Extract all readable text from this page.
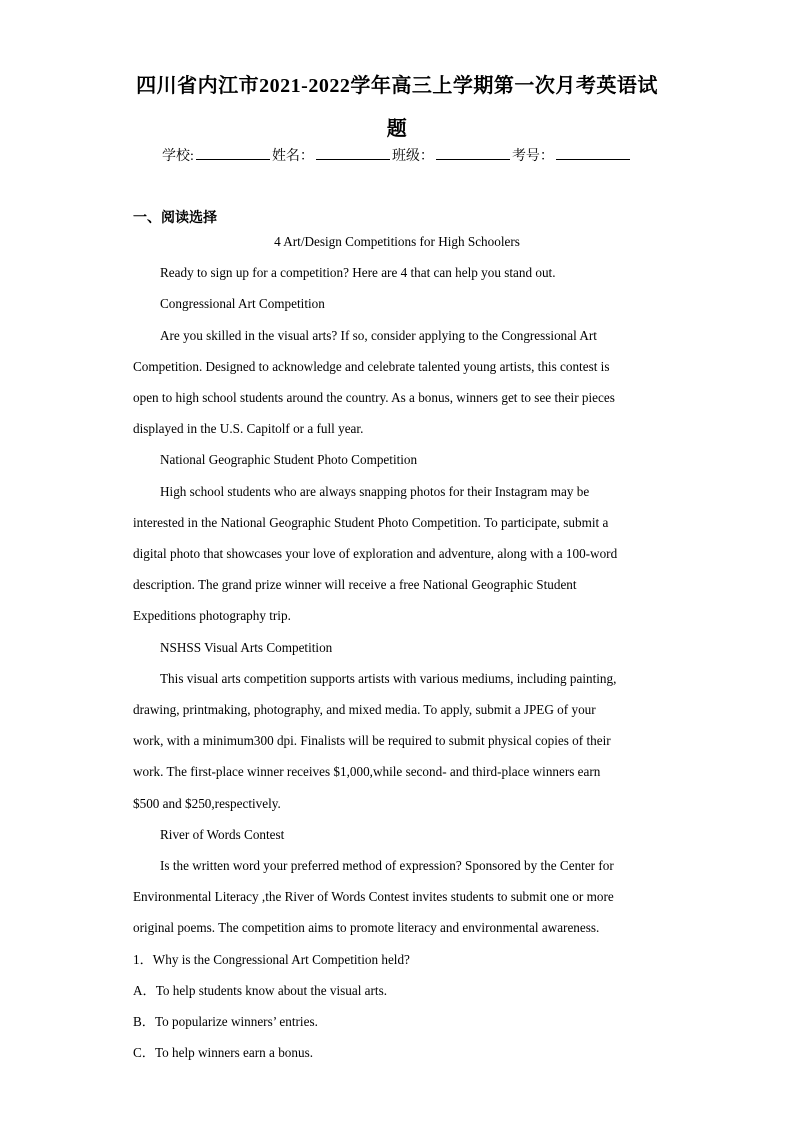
四川省内江市2021-2022学年高三上学期第一次月考英语试
题
学校:	姓名：	班级：	考号：
一、阅读选择
4 Art/Design Competitions for High Schoolers
Ready to sign up for a competition? Here are 4 that can help you stand out.
Congressional Art Competition
Are you skilled in the visual arts? If so, consider applying to the Congressional Art
Competition. Designed to acknowledge and celebrate talented young artists, this contest is
open to high school students around the country. As a bonus, winners get to see their pieces
displayed in the U.S. Capitolf or a full year.
National Geographic Student Photo Competition
High school students who are always snapping photos for their Instagram may be
interested in the National Geographic Student Photo Competition. To participate, submit a
digital photo that showcases your love of exploration and adventure, along with a 100-word
description. The grand prize winner will receive a free National Geographic Student
Expeditions photography trip.
NSHSS Visual Arts Competition
This visual arts competition supports artists with various mediums, including painting,
drawing, printmaking, photography, and mixed media. To apply, submit a JPEG of your
work, with a minimum300 dpi. Finalists will be required to submit physical copies of their
work. The first-place winner receives $1,000,while second- and third-place winners earn
$500 and $250,respectively.
River of Words Contest
Is the written word your preferred method of expression? Sponsored by the Center for
Environmental Literacy ,the River of Words Contest invites students to submit one or more
original poems. The competition aims to promote literacy and environmental awareness.
1．Why is the Congressional Art Competition held?
A．To help students know about the visual arts.
B．To popularize winners’ entries.
C．To help winners earn a bonus.
